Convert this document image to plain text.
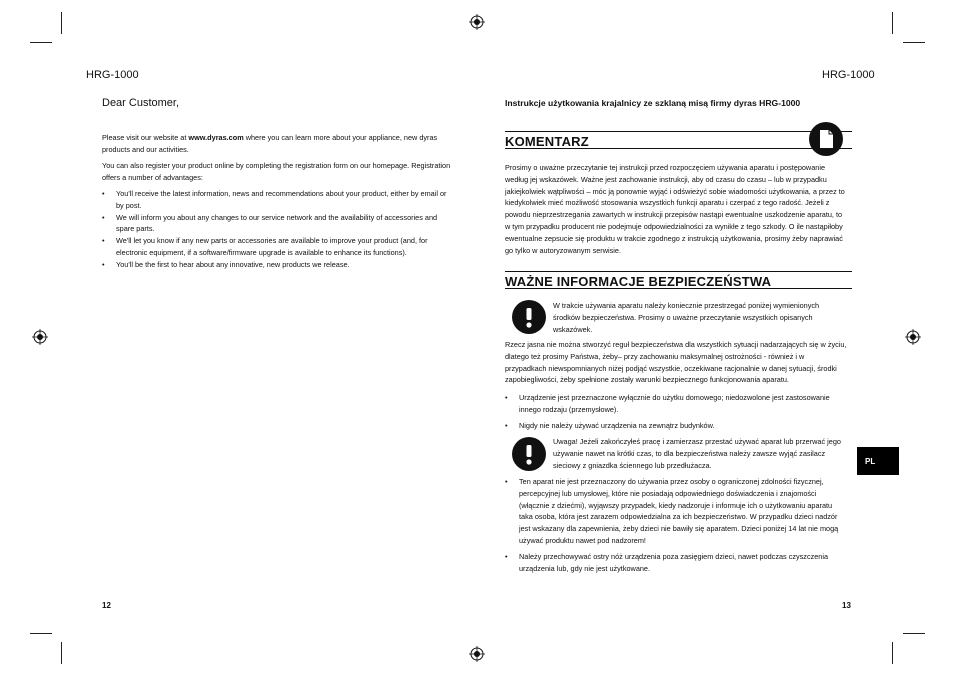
HRG-1000
Dear Customer,
Please visit our website at www.dyras.com where you can learn more about your appliance, new dyras products and our activities.
You can also register your product online by completing the registration form on our homepage. Registration offers a number of advantages:
• You'll receive the latest information, news and recommendations about your product, either by email or by post.
• We will inform you about any changes to our service network and the availability of accessories and spare parts.
• We'll let you know if any new parts or accessories are available to improve your product (and, for electronic equipment, if a software/firmware upgrade is available to enhance its functions).
• You'll be the first to hear about any innovative, new products we release.
12
HRG-1000
Instrukcje użytkowania krajalnicy ze szklaną misą firmy dyras HRG-1000
KOMENTARZ
Prosimy o uważne przeczytanie tej instrukcji przed rozpoczęciem używania aparatu i postępowanie według jej wskazówek. Ważne jest zachowanie instrukcji, aby od czasu do czasu – lub w przypadku jakiejkolwiek wątpliwości – móc ją ponownie wyjąć i odświeżyć sobie wiadomości użytkowania, a przez to kiedykolwiek mieć możliwość stosowania wszystkich funkcji aparatu i czerpać z tego radość. Jeżeli z powodu nieprzestrzegania zawartych w instrukcji przepisów nastąpi ewentualne uszkodzenie aparatu, to w tym przypadku producent nie podejmuje odpowiedzialności za wynikłe z tego szkody. O ile nastąpiłoby ewentualne zepsucie się produktu w trakcie zgodnego z instrukcją użytkowania, prosimy żeby naprawiać go tylko w autoryzowanym serwisie.
WAŻNE INFORMACJE BEZPIECZEŃSTWA
W trakcie używania aparatu należy koniecznie przestrzegać poniżej wymienionych środków bezpieczeństwa. Prosimy o uważne przeczytanie wszystkich opisanych wskazówek.
Rzecz jasna nie można stworzyć reguł bezpieczeństwa dla wszystkich sytuacji nadarzających się w życiu, dlatego też prosimy Państwa, żeby– przy zachowaniu maksymalnej ostrożności - również i w przypadkach niewspomnianych niżej podjąć wszystkie, oczekiwane racjonalnie w danej sytuacji, środki zapobiegliwości, żeby spełnione zostały warunki bezpiecznego funkcjonowania aparatu.
• Urządzenie jest przeznaczone wyłącznie do użytku domowego; niedozwolone jest zastosowanie innego rodzaju (przemysłowe).
• Nigdy nie należy używać urządzenia na zewnątrz budynków.
Uwaga! Jeżeli zakończyłeś pracę i zamierzasz przestać używać aparat lub przerwać jego używanie nawet na krótki czas, to dla bezpieczeństwa należy zawsze wyjąć zasilacz sieciowy z gniazdka ściennego lub przedłużacza.
• Ten aparat nie jest przeznaczony do używania przez osoby o ograniczonej zdolności fizycznej, percepcyjnej lub umysłowej, które nie posiadają odpowiedniego doświadczenia i znajomości (włącznie z dziećmi), wyjąwszy przypadek, kiedy nadzoruje i informuje ich o użytkowaniu aparatu taka osoba, która jest zarazem odpowiedzialna za ich bezpieczeństwo. W przypadku dzieci nadzór jest wskazany dla zapewnienia, żeby dzieci nie bawiły się aparatem. Dzieci poniżej 14 lat nie mogą używać produktu nawet pod nadzorem!
• Należy przechowywać ostry nóż urządzenia poza zasięgiem dzieci, nawet podczas czyszczenia urządzenia lub, gdy nie jest użytkowane.
PL
13
